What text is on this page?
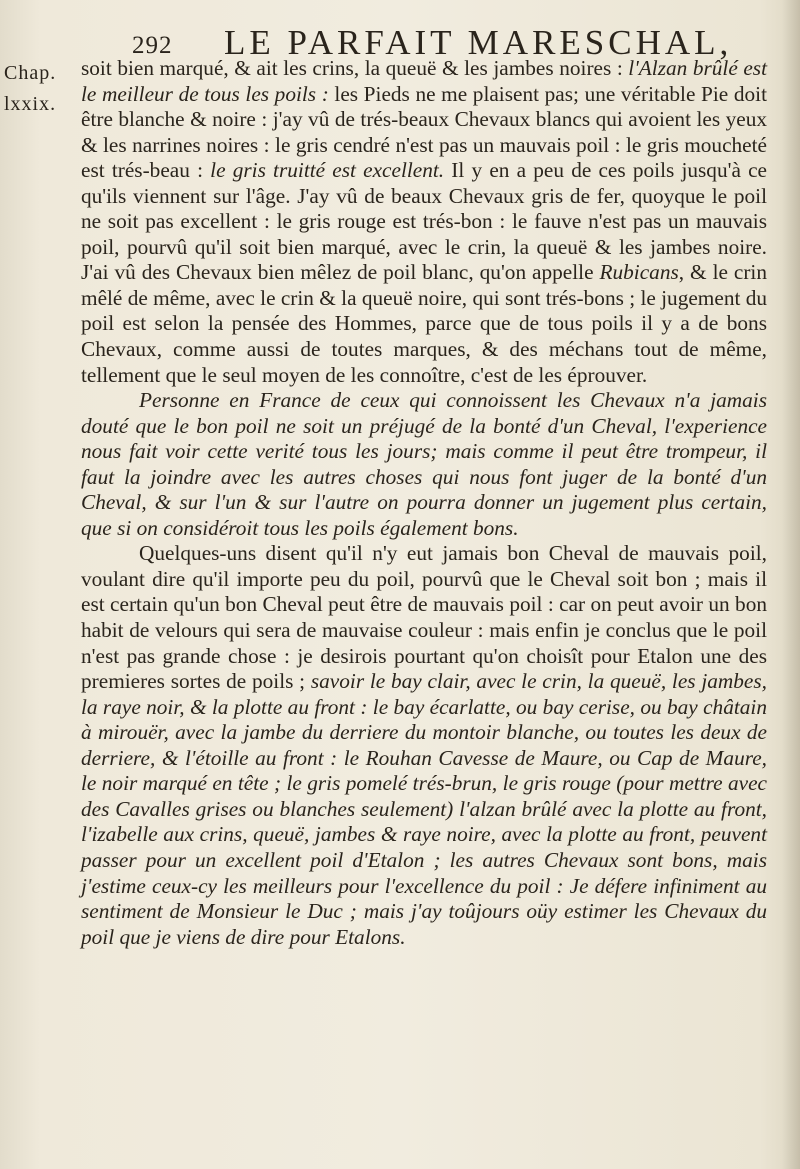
292 LE PARFAIT MARESCHAL,
Chap.
lxxix.

soit bien marqué, & ait les crins, la queuë & les jambes noires : l'Alzan brûlé est le meilleur de tous les poils : les Pieds ne me plaisent pas; une véritable Pie doit être blanche & noire : j'ay vû de trés-beaux Chevaux blancs qui avoient les yeux & les narrines noires : le gris cendré n'est pas un mauvais poil : le gris moucheté est trés-beau : le gris truitté est excellent. Il y en a peu de ces poils jusqu'à ce qu'ils viennent sur l'âge. J'ay vû de beaux Chevaux gris de fer, quoyque le poil ne soit pas excellent : le gris rouge est trés-bon : le fauve n'est pas un mauvais poil, pourvû qu'il soit bien marqué, avec le crin, la queuë & les jambes noire. J'ai vû des Chevaux bien mêlez de poil blanc, qu'on appelle Rubicans, & le crin mêlé de même, avec le crin & la queuë noire, qui sont trés-bons ; le jugement du poil est selon la pensée des Hommes, parce que de tous poils il y a de bons Chevaux, comme aussi de toutes marques, & des méchans tout de même, tellement que le seul moyen de les connoître, c'est de les éprouver.

Personne en France de ceux qui connoissent les Chevaux n'a jamais douté que le bon poil ne soit un préjugé de la bonté d'un Cheval, l'experience nous fait voir cette verité tous les jours; mais comme il peut être trompeur, il faut la joindre avec les autres choses qui nous font juger de la bonté d'un Cheval, & sur l'un & sur l'autre on pourra donner un jugement plus certain, que si on considéroit tous les poils également bons.

Quelques-uns disent qu'il n'y eut jamais bon Cheval de mauvais poil, voulant dire qu'il importe peu du poil, pourvû que le Cheval soit bon ; mais il est certain qu'un bon Cheval peut être de mauvais poil : car on peut avoir un bon habit de velours qui sera de mauvaise couleur : mais enfin je conclus que le poil n'est pas grande chose : je desirois pourtant qu'on choisît pour Etalon une des premieres sortes de poils ; savoir le bay clair, avec le crin, la queuë, les jambes, la raye noir, & la plotte au front : le bay écarlatte, ou bay cerise, ou bay châtain à mirouër, avec la jambe du derriere du montoir blanche, ou toutes les deux de derriere, & l'étoille au front : le Rouhan Cavesse de Maure, ou Cap de Maure, le noir marqué en tête ; le gris pomelé trés-brun, le gris rouge (pour mettre avec des Cavalles grises ou blanches seulement) l'alzan brûlé avec la plotte au front, l'izabelle aux crins, queuë, jambes & raye noire, avec la plotte au front, peuvent passer pour un excellent poil d'Etalon ; les autres Chevaux sont bons, mais j'estime ceux-cy les meilleurs pour l'excellence du poil : Je défere infiniment au sentiment de Monsieur le Duc ; mais j'ay toûjours oüy estimer les Chevaux du poil que je viens de dire pour Etalons.
